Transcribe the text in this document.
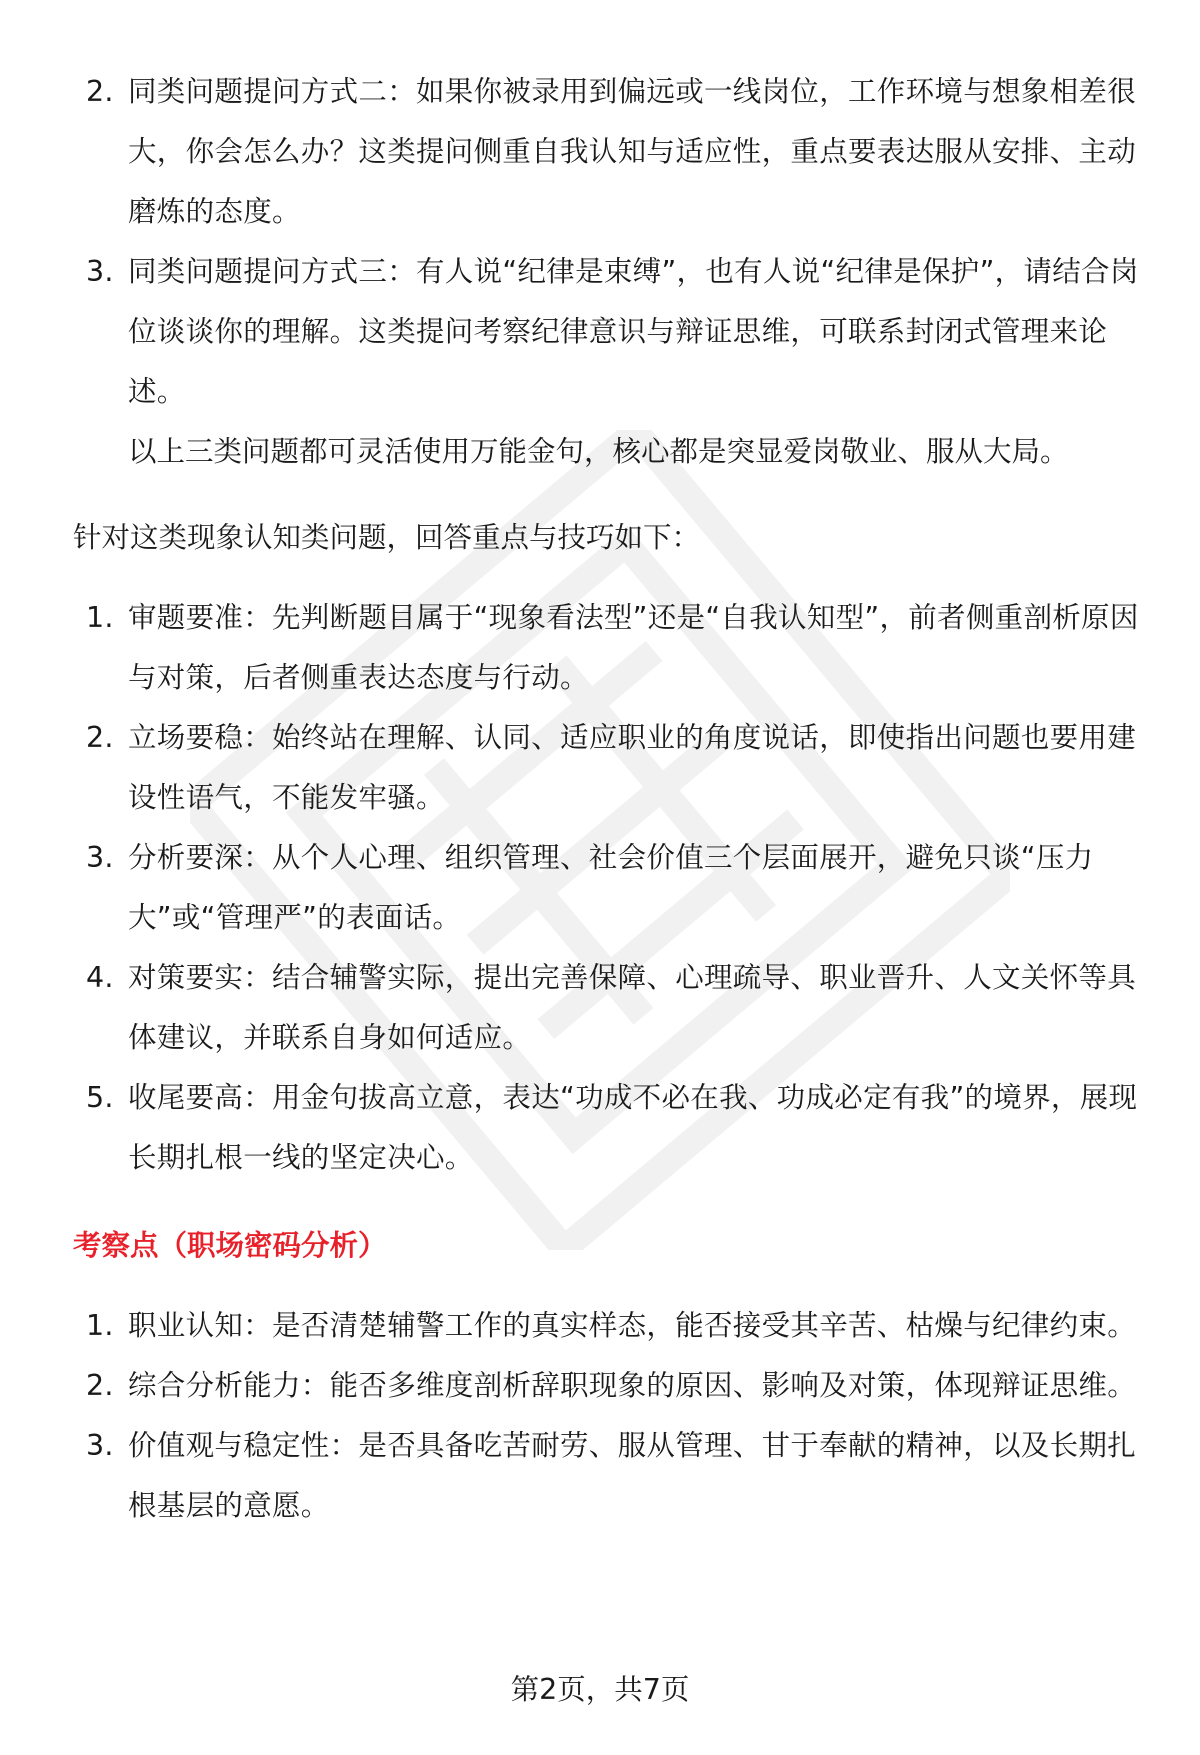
2. 同类问题提问方式二：如果你被录用到偏远或一线岗位，工作环境与想象相差很大，你会怎么办？这类提问侧重自我认知与适应性，重点要表达服从安排、主动磨炼的态度。
3. 同类问题提问方式三：有人说“纪律是束缚”，也有人说“纪律是保护”，请结合岗位谈谈你的理解。这类提问考察纪律意识与辩证思维，可联系封闭式管理来论述。
以上三类问题都可灵活使用万能金句，核心都是突显爱岗敬业、服从大局。
针对这类现象认知类问题，回答重点与技巧如下：
1. 审题要准：先判断题目属于“现象看法型”还是“自我认知型”，前者侧重剖析原因与对策，后者侧重表达态度与行动。
2. 立场要稳：始终站在理解、认同、适应职业的角度说话，即使指出问题也要用建设性语气，不能发牢骚。
3. 分析要深：从个人心理、组织管理、社会价值三个层面展开，避免只谈“压力大”或“管理严”的表面话。
4. 对策要实：结合辅警实际，提出完善保障、心理疏导、职业晋升、人文关怀等具体建议，并联系自身如何适应。
5. 收尾要高：用金句拔高立意，表达“功成不必在我、功成必定有我”的境界，展现长期扎根一线的坚定决心。
考察点（职场密码分析）
1. 职业认知：是否清楚辅警工作的真实样态，能否接受其辛苦、枯燥与纪律约束。
2. 综合分析能力：能否多维度剖析辞职现象的原因、影响及对策，体现辩证思维。
3. 价值观与稳定性：是否具备吃苦耐劳、服从管理、甘于奉献的精神，以及长期扎根基层的意愿。
第2页，共7页
